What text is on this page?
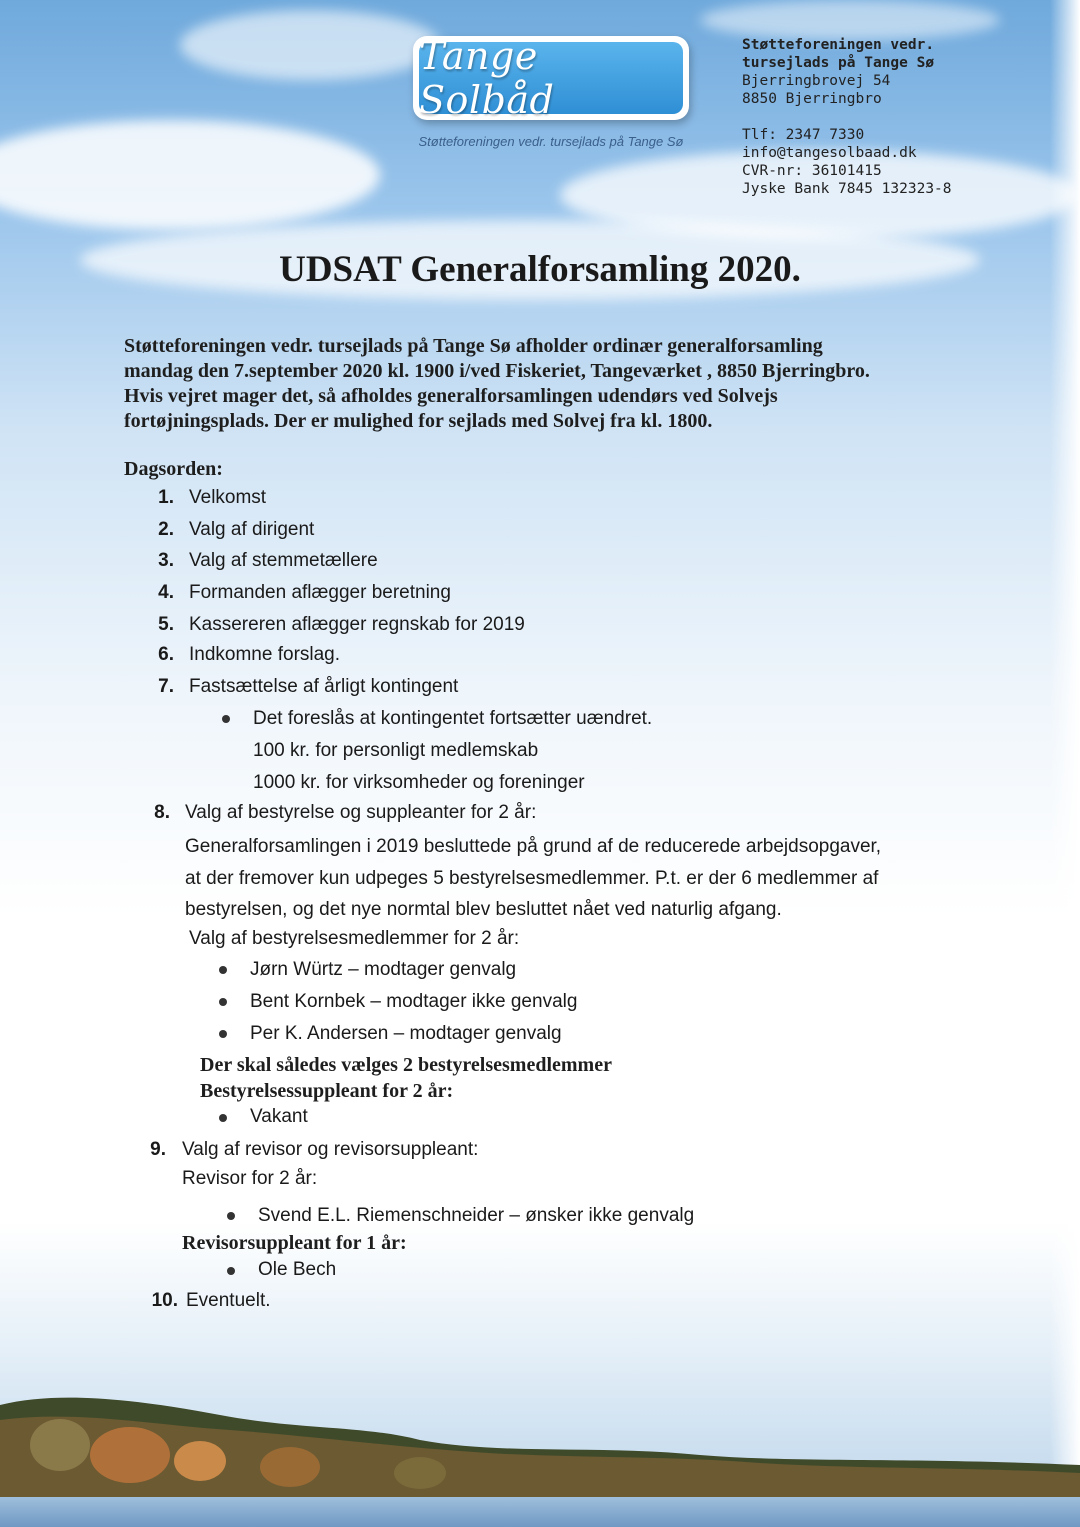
Tange Solbåd
Støtteforeningen vedr. tursejlads på Tange Sø
Støtteforeningen vedr.
tursejlads på Tange Sø
Bjerringbrovej 54
8850 Bjerringbro
Tlf: 2347 7330
info@tangesolbaad.dk
CVR-nr: 36101415
Jyske Bank 7845 132323-8
UDSAT Generalforsamling 2020.
Støtteforeningen vedr. tursejlads på Tange Sø afholder ordinær generalforsamling
mandag den 7.september 2020 kl. 1900 i/ved Fiskeriet, Tangeværket , 8850 Bjerringbro.
Hvis vejret mager det, så afholdes generalforsamlingen udendørs ved Solvejs
fortøjningsplads. Der er mulighed for sejlads med Solvej fra kl. 1800.
Dagsorden:
1. Velkomst
2. Valg af dirigent
3. Valg af stemmetællere
4. Formanden aflægger beretning
5. Kassereren aflægger regnskab for 2019
6. Indkomne forslag.
7. Fastsættelse af årligt kontingent
Det foreslås at kontingentet fortsætter uændret.
100 kr. for personligt medlemskab
1000 kr. for virksomheder og foreninger
8. Valg af bestyrelse og suppleanter for 2 år:
Generalforsamlingen i 2019 besluttede på grund af de reducerede arbejdsopgaver,
at der fremover kun udpeges 5 bestyrelsesmedlemmer. P.t. er der 6 medlemmer af
bestyrelsen, og det nye normtal blev besluttet nået ved naturlig afgang.
Valg af bestyrelsesmedlemmer for 2 år:
Jørn Würtz – modtager genvalg
Bent Kornbek – modtager ikke genvalg
Per K. Andersen – modtager genvalg
Der skal således vælges 2 bestyrelsesmedlemmer
Bestyrelsessuppleant for 2 år:
Vakant
9. Valg af revisor og revisorsuppleant:
Revisor for 2 år:
Svend E.L. Riemenschneider – ønsker ikke genvalg
Revisorsuppleant for 1 år:
Ole Bech
10. Eventuelt.
